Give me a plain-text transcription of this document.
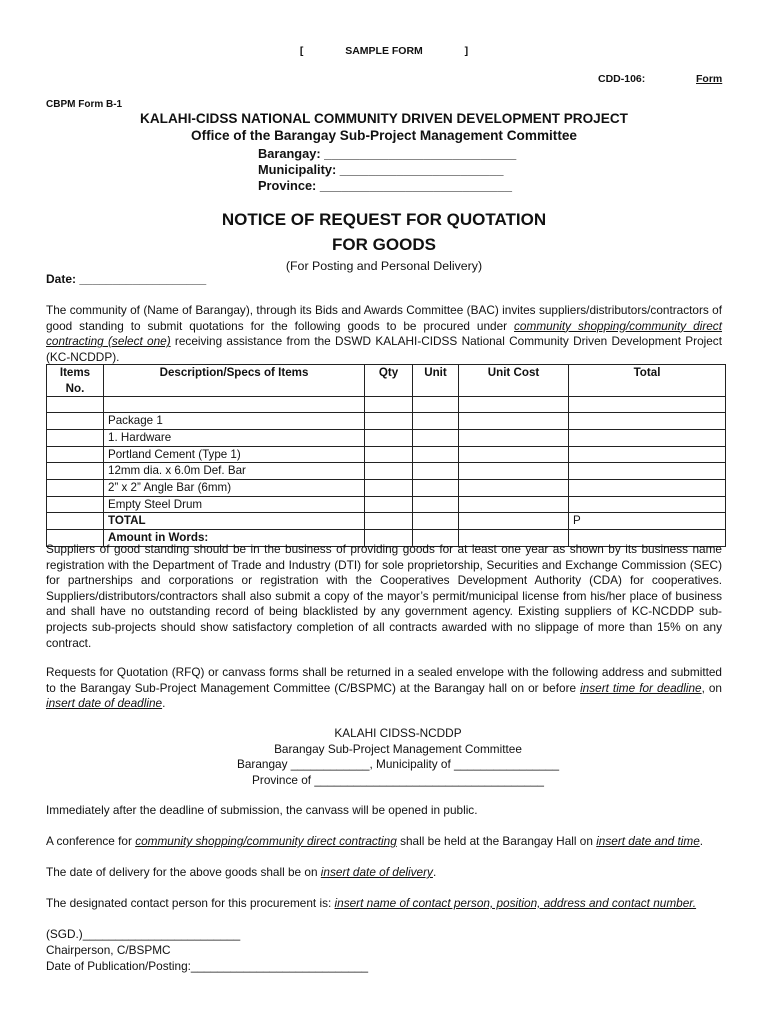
[	SAMPLE FORM	]
CDD-106:	Form
CBPM Form B-1
KALAHI-CIDSS NATIONAL COMMUNITY DRIVEN DEVELOPMENT PROJECT
Office of the Barangay Sub-Project Management Committee
Barangay: ___________________________
Municipality: _______________________
Province: ___________________________
NOTICE OF REQUEST FOR QUOTATION
FOR GOODS
(For Posting and Personal Delivery)
Date: ___________________
The community of (Name of Barangay), through its Bids and Awards Committee (BAC) invites suppliers/distributors/contractors of good standing to submit quotations for the following goods to be procured under community shopping/community direct contracting (select one) receiving assistance from the DSWD KALAHI-CIDSS National Community Driven Development Project (KC-NCDDP).
Items No.	Description/Specs of Items	Qty	Unit	Unit Cost	Total

	Package 1				
	1. Hardware				
	Portland Cement (Type 1)				
	12mm dia. x 6.0m Def. Bar				
	2” x 2” Angle Bar (6mm)				
	Empty Steel Drum				
	TOTAL				P
	Amount in Words:				
Suppliers of good standing should be in the business of providing goods for at least one year as shown by its business name registration with the Department of Trade and Industry (DTI) for sole proprietorship, Securities and Exchange Commission (SEC) for partnerships and corporations or registration with the Cooperatives Development Authority (CDA) for cooperatives. Suppliers/distributors/contractors shall also submit a copy of the mayor’s permit/municipal license from his/her place of business and shall have no outstanding record of being blacklisted by any government agency. Existing suppliers of KC-NCDDP sub-projects sub-projects should show satisfactory completion of all contracts awarded with no slippage of more than 15% on any contract.
Requests for Quotation (RFQ) or canvass forms shall be returned in a sealed envelope with the following address and submitted to the Barangay Sub-Project Management Committee (C/BSPMC) at the Barangay hall on or before insert time for deadline, on insert date of deadline.
KALAHI CIDSS-NCDDP
Barangay Sub-Project Management Committee
Barangay ____________, Municipality of ________________
Province of ___________________________________
Immediately after the deadline of submission, the canvass will be opened in public.
A conference for community shopping/community direct contracting shall be held at the Barangay Hall on insert date and time.
The date of delivery for the above goods shall be on insert date of delivery.
The designated contact person for this procurement is: insert name of contact person, position, address and contact number.
(SGD.)________________________
Chairperson, C/BSPMC
Date of Publication/Posting:___________________________
